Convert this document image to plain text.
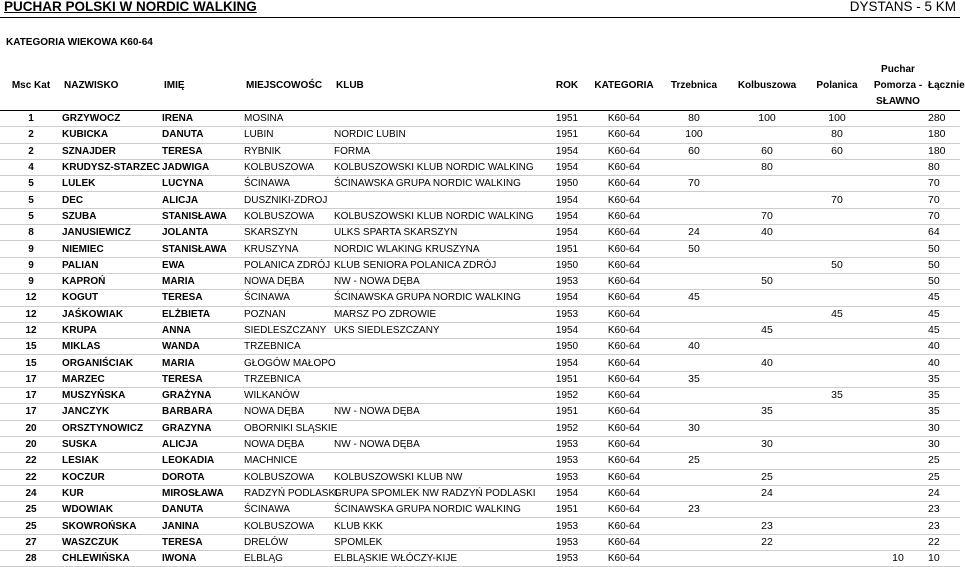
PUCHAR POLSKI W NORDIC WALKING	DYSTANS - 5 KM
KATEGORIA WIEKOWA K60-64
Msc Kat	NAZWISKO	IMIĘ	MIEJSCOWOŚC	KLUB	ROK	KATEGORIA	Trzebnica	Kolbuszowa	Polanica	Puchar Pomorza - SŁAWNO	Łącznie
1	GRZYWOCZ	IRENA	MOSINA		1951	K60-64	80	100	100		280
2	KUBICKA	DANUTA	LUBIN	NORDIC LUBIN	1951	K60-64	100		80		180
2	SZNAJDER	TERESA	RYBNIK	FORMA	1954	K60-64	60	60	60		180
4	KRUDYSZ-STARZEC	JADWIGA	KOLBUSZOWA	KOLBUSZOWSKI KLUB NORDIC WALKING	1954	K60-64		80			80
5	LULEK	LUCYNA	ŚCINAWA	ŚCINAWSKA GRUPA NORDIC WALKING	1950	K60-64	70				70
5	DEC	ALICJA	DUSZNIKI-ZDROJ		1954	K60-64			70		70
5	SZUBA	STANISŁAWA	KOLBUSZOWA	KOLBUSZOWSKI KLUB NORDIC WALKING	1954	K60-64		70			70
8	JANUSIEWICZ	JOLANTA	SKARSZYN	ULKS SPARTA SKARSZYN	1954	K60-64	24	40			64
9	NIEMIEC	STANISŁAWA	KRUSZYNA	NORDIC WLAKING KRUSZYNA	1951	K60-64	50				50
9	PALIAN	EWA	POLANICA ZDRÓJ	KLUB SENIORA POLANICA ZDRÓJ	1950	K60-64			50		50
9	KAPROŃ	MARIA	NOWA DĘBA	NW - NOWA DĘBA	1953	K60-64		50			50
12	KOGUT	TERESA	ŚCINAWA	ŚCINAWSKA GRUPA NORDIC WALKING	1954	K60-64	45				45
12	JAŚKOWIAK	ELŻBIETA	POZNAN	MARSZ PO ZDROWIE	1953	K60-64			45		45
12	KRUPA	ANNA	SIEDLESZCZANY	UKS SIEDLESZCZANY	1954	K60-64		45			45
15	MIKLAS	WANDA	TRZEBNICA		1950	K60-64	40				40
15	ORGANIŚCIAK	MARIA	GŁOGÓW MAŁOPO		1954	K60-64		40			40
17	MARZEC	TERESA	TRZEBNICA		1951	K60-64	35				35
17	MUSZYŃSKA	GRAŻYNA	WILKANÓW		1952	K60-64			35		35
17	JANCZYK	BARBARA	NOWA DĘBA	NW - NOWA DĘBA	1951	K60-64		35			35
20	ORSZTYNOWICZ	GRAZYNA	OBORNIKI SLĄSKIE		1952	K60-64	30				30
20	SUSKA	ALICJA	NOWA DĘBA	NW - NOWA DĘBA	1953	K60-64		30			30
22	LESIAK	LEOKADIA	MACHNICE		1953	K60-64	25				25
22	KOCZUR	DOROTA	KOLBUSZOWA	KOLBUSZOWSKI KLUB NW	1953	K60-64		25			25
24	KUR	MIROSŁAWA	RADZYŃ PODLASKI	GRUPA SPOMLEK NW RADZYŃ PODLASKI	1954	K60-64		24			24
25	WDOWIAK	DANUTA	ŚCINAWA	ŚCINAWSKA GRUPA NORDIC WALKING	1951	K60-64	23				23
25	SKOWROŃSKA	JANINA	KOLBUSZOWA	KLUB KKK	1953	K60-64		23			23
27	WASZCZUK	TERESA	DRELÓW	SPOMLEK	1953	K60-64		22			22
28	CHLEWIŃSKA	IWONA	ELBLĄG	ELBLĄSKIE WŁÓCZY-KIJE	1953	K60-64				10	10
